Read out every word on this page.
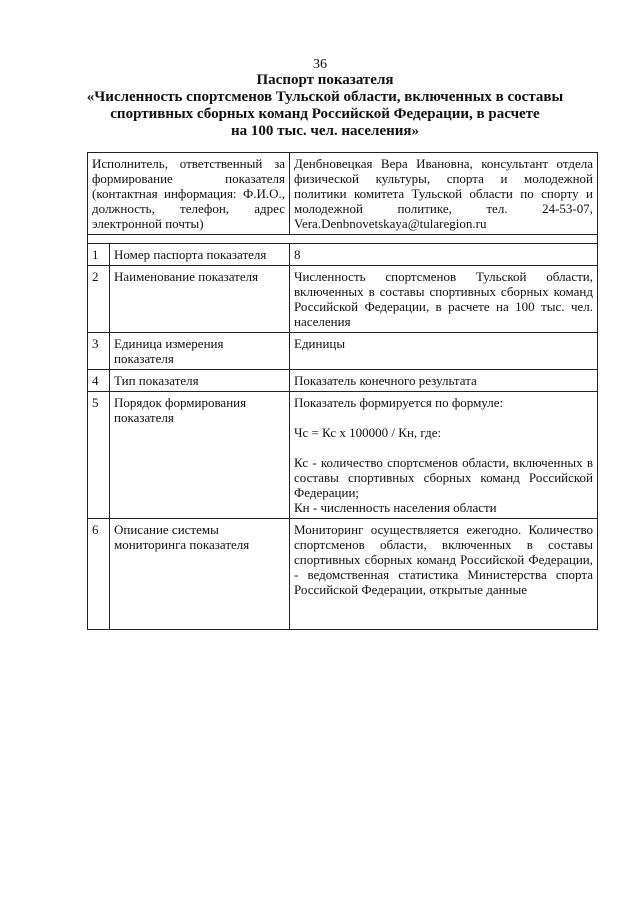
36
Паспорт показателя
«Численность спортсменов Тульской области, включенных в составы
спортивных сборных команд Российской Федерации, в расчете
на 100 тыс. чел. населения»
Исполнитель, ответственный за формирование показателя (контактная информация: Ф.И.О., должность, телефон, адрес электронной почты)		Денбновецкая Вера Ивановна, консультант отдела физической культуры, спорта и молодежной политики комитета Тульской области по спорту и молодежной политике, тел. 24-53-07, Vera.Denbnovetskaya@tularegion.ru

1	Номер паспорта показателя	8
2	Наименование показателя	Численность спортсменов Тульской области, включенных в составы спортивных сборных команд Российской Федерации, в расчете на 100 тыс. чел. населения
3	Единица измерения показателя	Единицы
4	Тип показателя	Показатель конечного результата
5	Порядок формирования показателя	Показатель формируется по формуле:
Чс = Кс х 100000 / Кн, где:
Кс - количество спортсменов области, включенных в составы спортивных сборных команд Российской Федерации;
Кн - численность населения области

6	Описание системы мониторинга показателя	Мониторинг осуществляется ежегодно. Количество спортсменов области, включенных в составы спортивных сборных команд Российской Федерации, - ведомственная статистика Министерства спорта Российской Федерации, открытые данные
